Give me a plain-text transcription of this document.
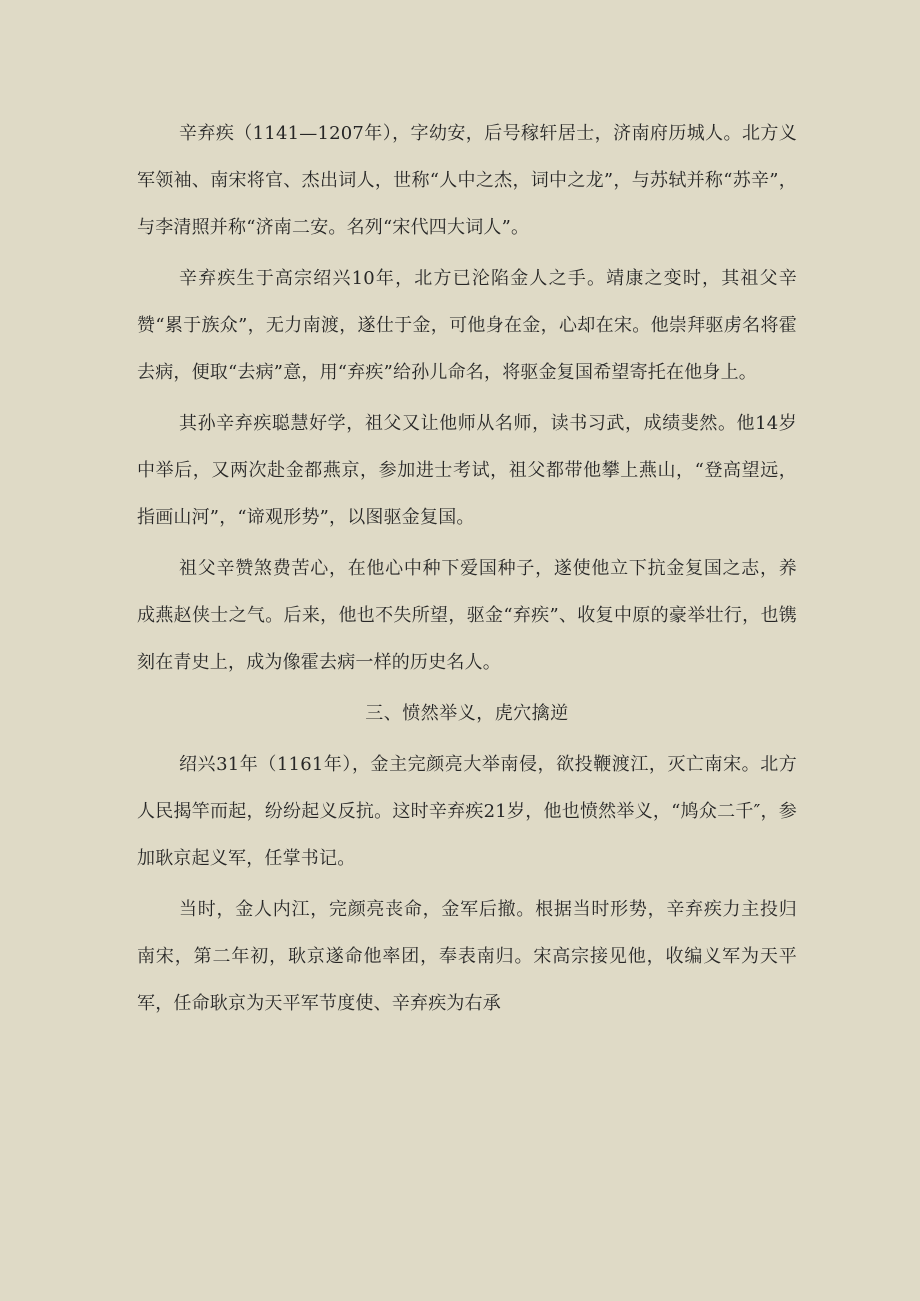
辛弃疾（1141—1207年），字幼安，后号稼轩居士，济南府历城人。北方义军领袖、南宋将官、杰出词人，世称“人中之杰，词中之龙”，与苏轼并称“苏辛”，与李清照并称“济南二安。名列“宋代四大词人”。

辛弃疾生于高宗绍兴10年，北方已沦陷金人之手。靖康之变时，其祖父辛赞“累于族众”，无力南渡，遂仕于金，可他身在金，心却在宋。他崇拜驱虏名将霍去病，便取“去病”意，用“弃疾”给孙儿命名，将驱金复国希望寄托在他身上。

其孙辛弃疾聪慧好学，祖父又让他师从名师，读书习武，成绩斐然。他14岁中举后，又两次赴金都燕京，参加进士考试，祖父都带他攀上燕山，“登高望远，指画山河”，“谛观形势”，以图驱金复国。

祖父辛赞煞费苦心，在他心中种下爱国种子，遂使他立下抗金复国之志，养成燕赵侠士之气。后来，他也不失所望，驱金“弃疾”、收复中原的豪举壮行，也镌刻在青史上，成为像霍去病一样的历史名人。

三、愤然举义，虎穴擒逆

绍兴31年（1161年），金主完颜亮大举南侵，欲投鞭渡江，灭亡南宋。北方人民揭竿而起，纷纷起义反抗。这时辛弃疾21岁，他也愤然举义，“鸠众二千″，参加耿京起义军，任掌书记。

当时，金人内江，完颜亮丧命，金军后撤。根据当时形势，辛弃疾力主投归南宋，第二年初，耿京遂命他率团，奉表南归。宋高宗接见他，收编义军为天平军，任命耿京为天平军节度使、辛弃疾为右承
